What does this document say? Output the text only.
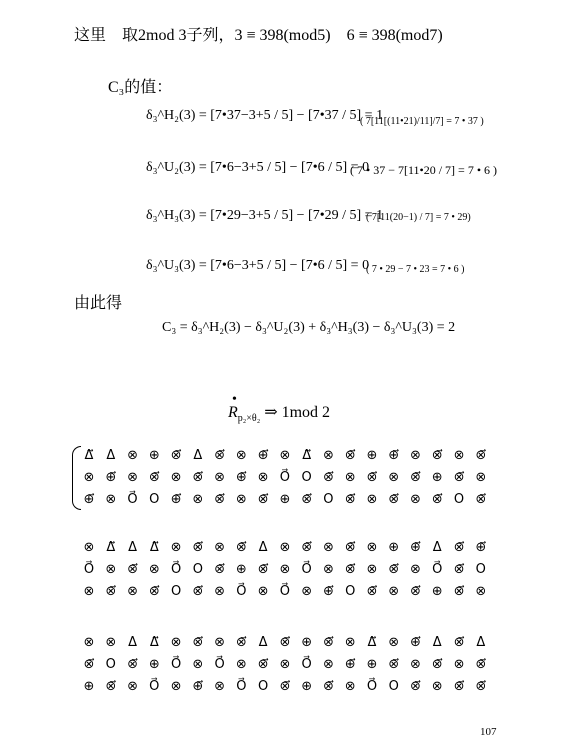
这里　取2mod 3子列，3 ≡ 398(mod5)　6 ≡ 398(mod7)
C₃的值：
δ₃^H₂(3) = [7•37−3+5 / 5] − [7•37 / 5] = 1
( 7[11[(11•21)/11]/7] = 7 • 37 )
δ₃^U₂(3) = [7•6−3+5 / 5] − [7•6 / 5] = 0
( 7 • 37 − 7[11•20 / 7] = 7 • 6 )
δ₃^H₃(3) = [7•29−3+5 / 5] − [7•29 / 5] = 1
( 7[11(20−1) / 7] = 7 • 29)
δ₃^U₃(3) = [7•6−3+5 / 5] − [7•6 / 5] = 0
( 7 • 29 − 7 • 23 = 7 • 6 )
由此得
C₃ = δ₃^H₂(3) − δ₃^U₂(3) + δ₃^H₃(3) − δ₃^U₃(3) = 2
•
$R_{p_2\times\theta_2}$ ⇒ 1mod 2
Δ⃗ Δ ⊗ ⊕ ⊗⃗ Δ ⊗⃗ ⊗ ⊕⃗ ⊗ Δ⃗ ⊗ ⊗⃗ ⊕ ⊕⃗ ⊗ ⊗⃗ ⊗ ⊗⃗
⊗ ⊕⃗ ⊗ ⊗⃗ ⊗ ⊗⃗ ⊗ ⊕⃗ ⊗ O⃗ O ⊗⃗ ⊗ ⊗⃗ ⊗ ⊗⃗ ⊕ ⊗⃗ ⊗
⊕⃗ ⊗ O⃗ O ⊕⃗ ⊗ ⊗⃗ ⊗ ⊗⃗ ⊕ ⊗⃗ O ⊗⃗ ⊗ ⊗⃗ ⊗ ⊗⃗ O ⊗⃗
⊗ Δ⃗ Δ Δ⃗ ⊗ ⊗⃗ ⊗ ⊗⃗ Δ ⊗ ⊗⃗ ⊗ ⊗⃗ ⊗ ⊕ ⊕⃗ Δ ⊗⃗ ⊕⃗
O⃗ ⊗ ⊗⃗ ⊗ O⃗ O ⊗⃗ ⊕ ⊗⃗ ⊗ O⃗ ⊗ ⊗⃗ ⊗ ⊗⃗ ⊗ O⃗ ⊗⃗ O
⊗ ⊗⃗ ⊗ ⊗⃗ O ⊗⃗ ⊗ O⃗ ⊗ O⃗ ⊗ ⊕⃗ O ⊗⃗ ⊗ ⊗⃗ ⊕ ⊗⃗ ⊗
⊗ ⊗ Δ Δ⃗ ⊗ ⊗⃗ ⊗ ⊗⃗ Δ ⊗⃗ ⊕ ⊗⃗ ⊗ Δ⃗ ⊗ ⊕⃗ Δ ⊗⃗ Δ
⊗⃗ O ⊗⃗ ⊕ O⃗ ⊗ O⃗ ⊗ ⊗⃗ ⊗ O⃗ ⊗ ⊕⃗ ⊕ ⊗⃗ ⊗ ⊗⃗ ⊗ ⊗⃗
⊕ ⊗⃗ ⊗ O⃗ ⊗ ⊕⃗ ⊗ O⃗ O ⊗⃗ ⊕ ⊗⃗ ⊗ O⃗ O ⊗⃗ ⊗ ⊗⃗ ⊗⃗
107
